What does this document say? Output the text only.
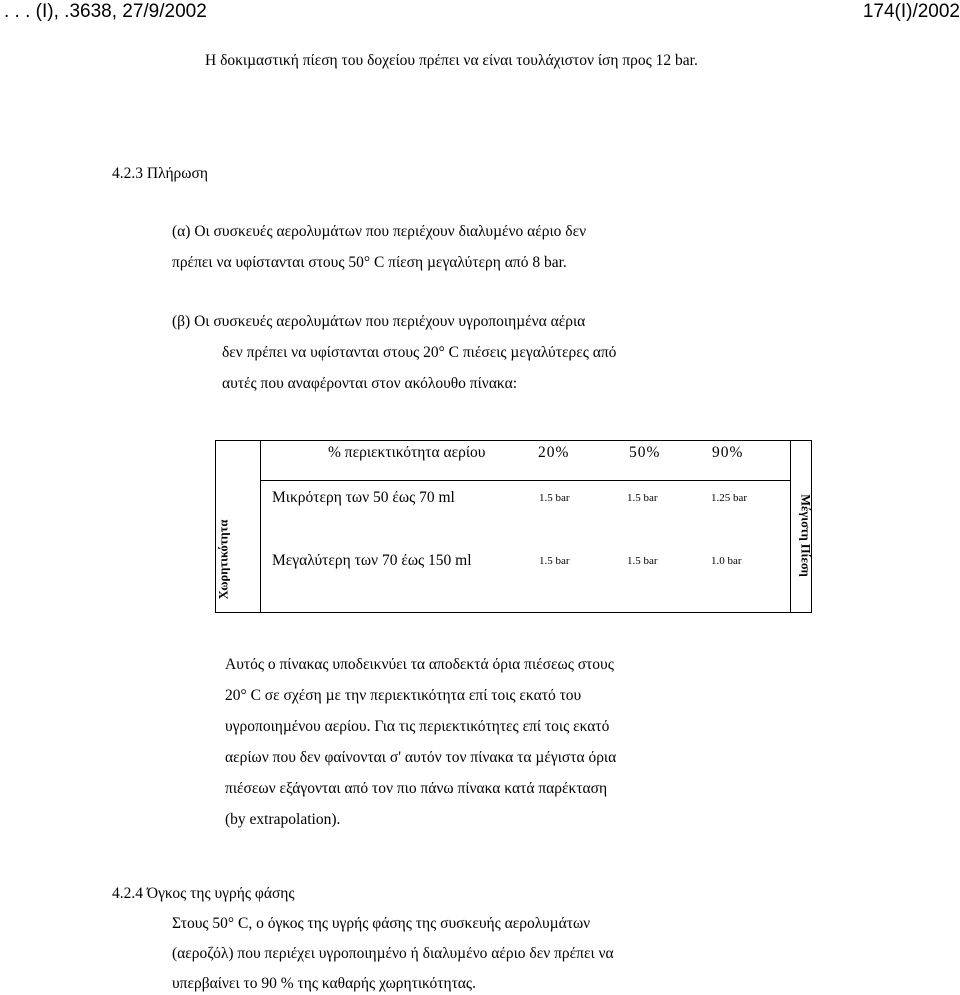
. . . (I), .3638, 27/9/2002	174(I)/2002
Η δοκιµαστική πίεση του δοχείου πρέπει να είναι τουλάχιστον ίση προς 12 bar.
4.2.3 Πλήρωση
(α) Οι συσκευές αερολυµάτων που περιέχουν διαλυµένο αέριο δεν
πρέπει να υφίστανται στους 50° C πίεση µεγαλύτερη από 8 bar.
(β) Οι συσκευές αερολυµάτων που περιέχουν υγροποιηµένα αέρια
δεν πρέπει να υφίστανται στους 20° C πιέσεις µεγαλύτερες από
αυτές που αναφέρονται στον ακόλουθο πίνακα:
% περιεκτικότητα αερίου	20%	50%	90%
Μικρότερη των 50 έως 70 ml	1.5 bar	1.5 bar	1.25 bar
Μεγαλύτερη των 70 έως 150 ml	1.5 bar	1.5 bar	1.0 bar
Χωρητικότητα	Μέγιστη Πίεση
Αυτός ο πίνακας υποδεικνύει τα αποδεκτά όρια πιέσεως στους
20° C σε σχέση µε την περιεκτικότητα επί τοις εκατό του
υγροποιηµένου αερίου. Για τις περιεκτικότητες επί τοις εκατό
αερίων που δεν φαίνονται σ' αυτόν τον πίνακα τα µέγιστα όρια
πιέσεων εξάγονται από τον πιο πάνω πίνακα κατά παρέκταση
(by extrapolation).
4.2.4 Όγκος της υγρής φάσης
Στους 50° C, ο όγκος της υγρής φάσης της συσκευής αερολυµάτων
(αεροζόλ) που περιέχει υγροποιηµένο ή διαλυµένο αέριο δεν πρέπει να
υπερβαίνει το 90 % της καθαρής χωρητικότητας.
